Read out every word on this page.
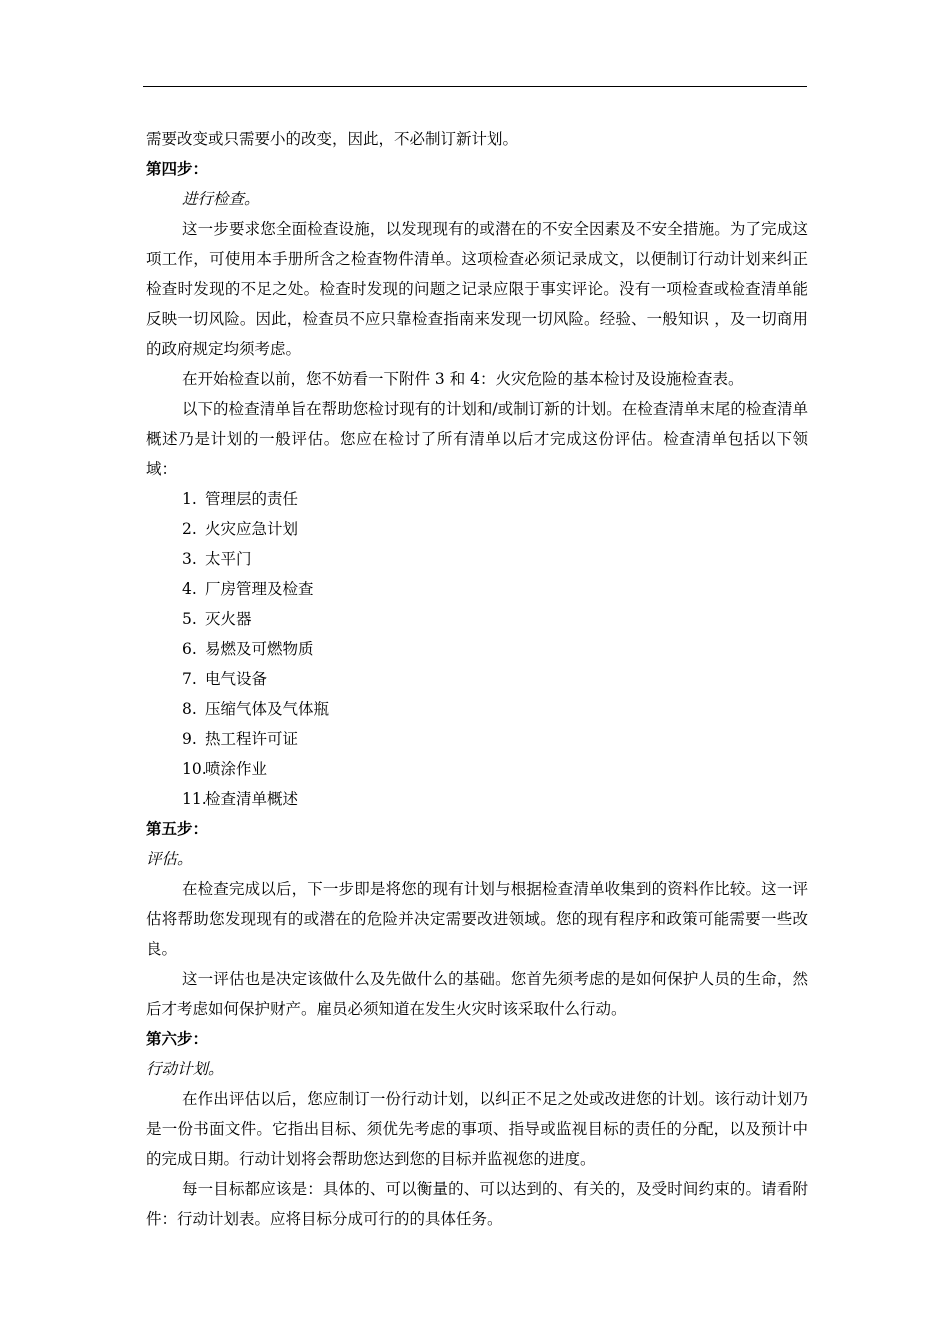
需要改变或只需要小的改变，因此，不必制订新计划。

第四步：

进行检查。

这一步要求您全面检查设施，以发现现有的或潜在的不安全因素及不安全措施。为了完成这项工作，可使用本手册所含之检查物件清单。这项检查必须记录成文，以便制订行动计划来纠正检查时发现的不足之处。检查时发现的问题之记录应限于事实评论。没有一项检查或检查清单能反映一切风险。因此，检查员不应只靠检查指南来发现一切风险。经验、一般知识 ，及一切商用的政府规定均须考虑。

在开始检查以前，您不妨看一下附件 3 和 4：火灾危险的基本检讨及设施检查表。

以下的检查清单旨在帮助您检讨现有的计划和/或制订新的计划。在检查清单末尾的检查清单概述乃是计划的一般评估。您应在检讨了所有清单以后才完成这份评估。检查清单包括以下领域：

1. 管理层的责任
2. 火灾应急计划
3. 太平门
4. 厂房管理及检查
5. 灭火器
6. 易燃及可燃物质
7. 电气设备
8. 压缩气体及气体瓶
9. 热工程许可证
10.喷涂作业
11.检查清单概述

第五步：

评估。

在检查完成以后，下一步即是将您的现有计划与根据检查清单收集到的资料作比较。这一评估将帮助您发现现有的或潜在的危险并决定需要改进领域。您的现有程序和政策可能需要一些改良。

这一评估也是决定该做什么及先做什么的基础。您首先须考虑的是如何保护人员的生命，然后才考虑如何保护财产。雇员必须知道在发生火灾时该采取什么行动。

第六步：

行动计划。

在作出评估以后，您应制订一份行动计划，以纠正不足之处或改进您的计划。该行动计划乃是一份书面文件。它指出目标、须优先考虑的事项、指导或监视目标的责任的分配，以及预计中的完成日期。行动计划将会帮助您达到您的目标并监视您的进度。

每一目标都应该是：具体的、可以衡量的、可以达到的、有关的，及受时间约束的。请看附件：行动计划表。应将目标分成可行的的具体任务。
